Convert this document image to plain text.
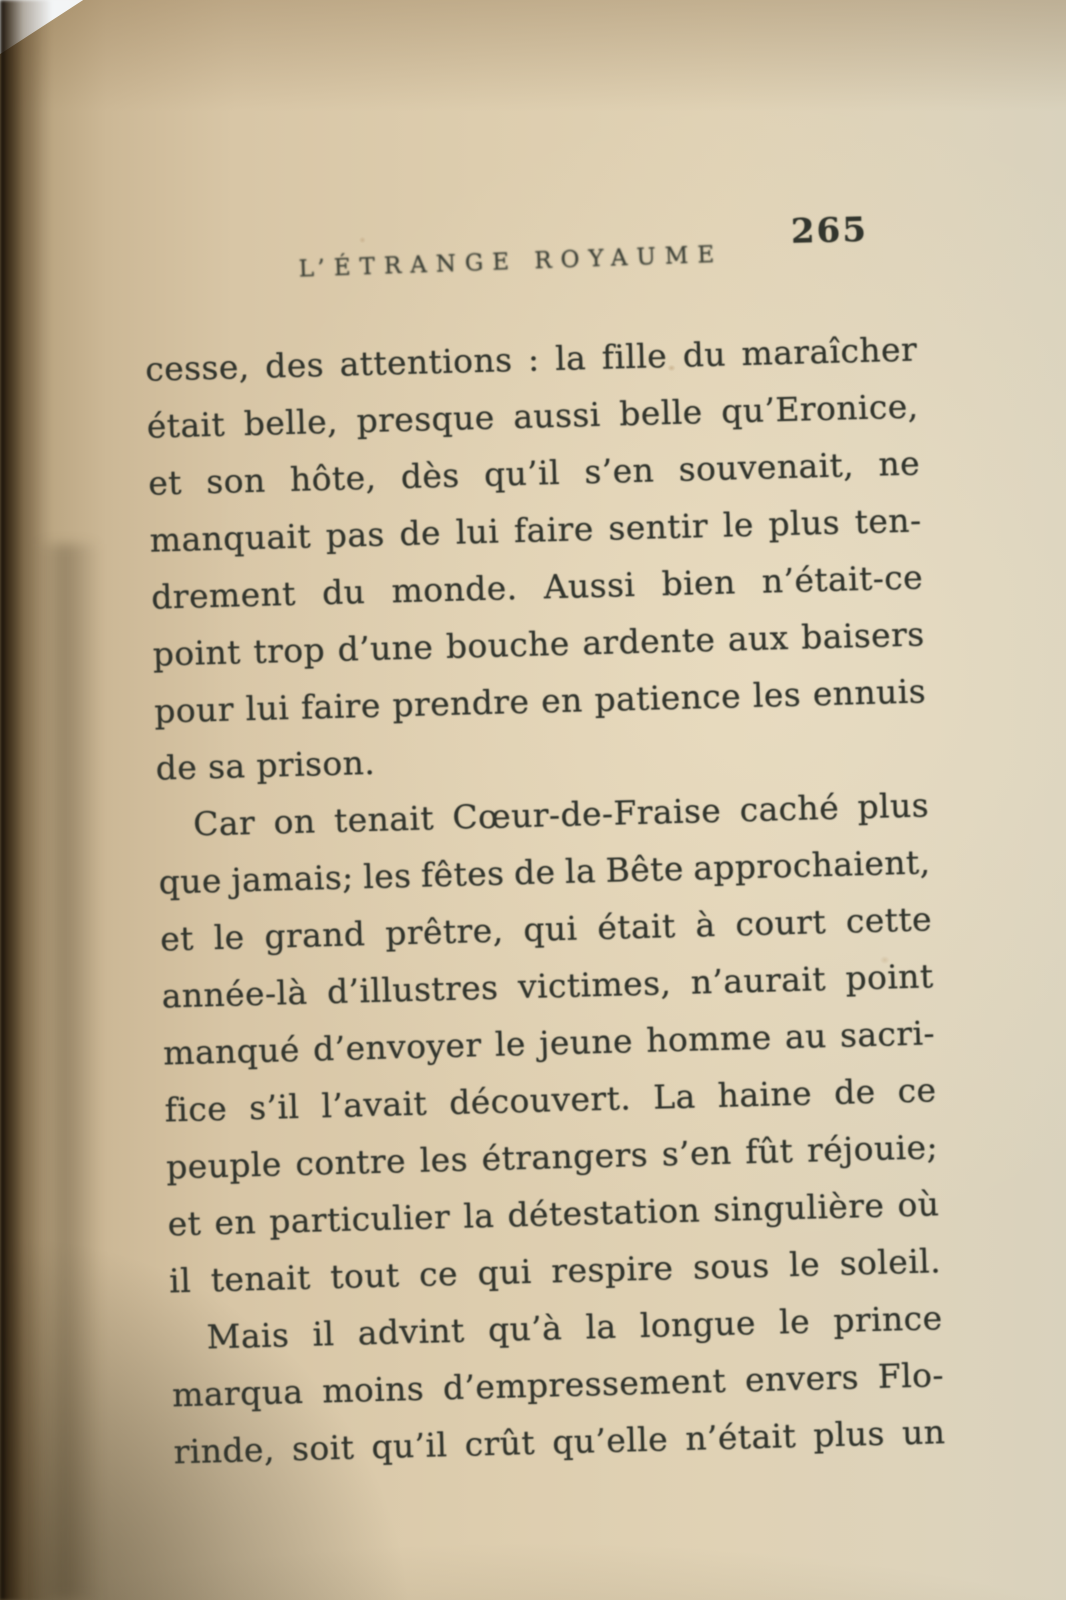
L’ÉTRANGE ROYAUME
265
cesse, des attentions : la fille du maraîcher
était belle, presque aussi belle qu’Eronice,
et son hôte, dès qu’il s’en souvenait, ne
manquait pas de lui faire sentir le plus ten-
drement du monde. Aussi bien n’était-ce
point trop d’une bouche ardente aux baisers
pour lui faire prendre en patience les ennuis
de sa prison.
Car on tenait Cœur-de-Fraise caché plus
que jamais; les fêtes de la Bête approchaient,
et le grand prêtre, qui était à court cette
année-là d’illustres victimes, n’aurait point
manqué d’envoyer le jeune homme au sacri-
fice s’il l’avait découvert. La haine de ce
peuple contre les étrangers s’en fût réjouie;
et en particulier la détestation singulière où
il tenait tout ce qui respire sous le soleil.
Mais il advint qu’à la longue le prince
marqua moins d’empressement envers Flo-
rinde, soit qu’il crût qu’elle n’était plus un
